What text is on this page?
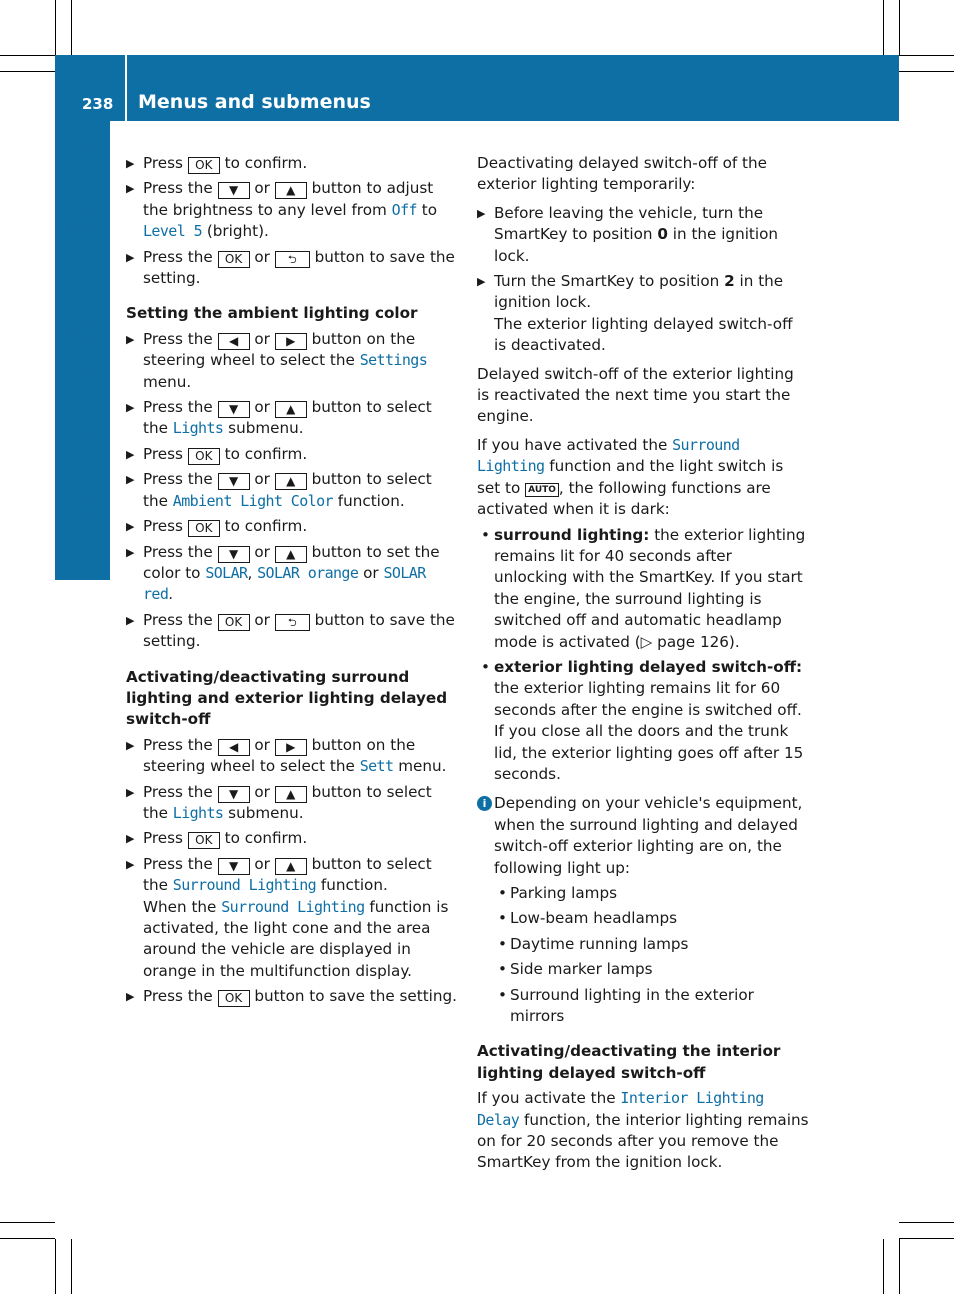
238 Menus and submenus
On-board computer and displays	▶ Press OK to confirm.
▶ Press the ▼ or ▲ button to adjust the brightness to any level from Off to Level 5 (bright).
▶ Press the OK or ⮌ button to save the setting.
Setting the ambient lighting color
▶ Press the ◀ or ▶ button on the steering wheel to select the Settings menu.
▶ Press the ▼ or ▲ button to select the Lights submenu.
▶ Press OK to confirm.
▶ Press the ▼ or ▲ button to select the Ambient Light Color function.
▶ Press OK to confirm.
▶ Press the ▼ or ▲ button to set the color to SOLAR, SOLAR orange or SOLAR red.
▶ Press the OK or ⮌ button to save the setting.
Activating/deactivating surround lighting and exterior lighting delayed switch-off
▶ Press the ◀ or ▶ button on the steering wheel to select the Sett menu.
▶ Press the ▼ or ▲ button to select the Lights submenu.
▶ Press OK to confirm.
▶ Press the ▼ or ▲ button to select the Surround Lighting function.
When the Surround Lighting function is activated, the light cone and the area around the vehicle are displayed in orange in the multifunction display.
▶ Press the OK button to save the setting.
Deactivating delayed switch-off of the exterior lighting temporarily:
▶ Before leaving the vehicle, turn the SmartKey to position 0 in the ignition lock.
▶ Turn the SmartKey to position 2 in the ignition lock.
The exterior lighting delayed switch-off is deactivated.
Delayed switch-off of the exterior lighting is reactivated the next time you start the engine.
If you have activated the Surround Lighting function and the light switch is set to AUTO , the following functions are activated when it is dark:
• surround lighting: the exterior lighting remains lit for 40 seconds after unlocking with the SmartKey. If you start the engine, the surround lighting is switched off and automatic headlamp mode is activated (▷ page 126).
• exterior lighting delayed switch-off: the exterior lighting remains lit for 60 seconds after the engine is switched off. If you close all the doors and the trunk lid, the exterior lighting goes off after 15 seconds.
i Depending on your vehicle's equipment, when the surround lighting and delayed switch-off exterior lighting are on, the following light up:
• Parking lamps
• Low-beam headlamps
• Daytime running lamps
• Side marker lamps
• Surround lighting in the exterior mirrors
Activating/deactivating the interior lighting delayed switch-off
If you activate the Interior Lighting Delay function, the interior lighting remains on for 20 seconds after you remove the SmartKey from the ignition lock.
